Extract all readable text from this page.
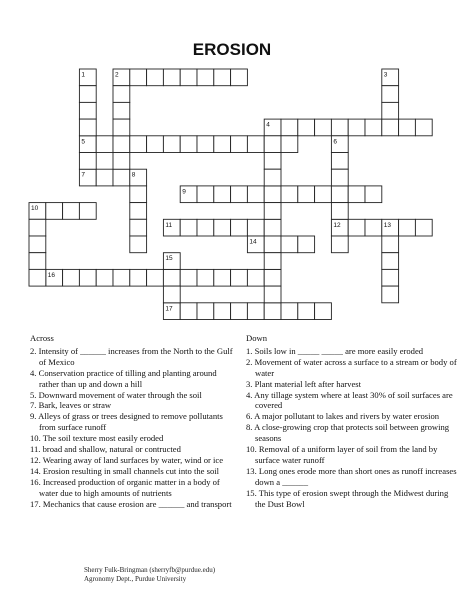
EROSION
1	2	3
4
5	6
7	8
9
10
11	12	13
14
15
16
17
Across
2. Intensity of ______ increases from the North to the Gulf of Mexico
4. Conservation practice of tilling and planting around rather than up and down a hill
5. Downward movement of water through the soil
7. Bark, leaves or straw
9. Alleys of grass or trees designed to remove pollutants from surface runoff
10. The soil texture most easily eroded
11. broad and shallow, natural or contructed
12. Wearing away of land surfaces by water, wind or ice
14. Erosion resulting in small channels cut into the soil
16. Increased production of organic matter in a body of water due to high amounts of nutrients
17. Mechanics that cause erosion are ______ and transport
Down
1. Soils low in _____ _____ are more easily eroded
2. Movement of water across a surface to a stream or body of water
3. Plant material left after harvest
4. Any tillage system where at least 30% of soil surfaces are covered
6. A major pollutant to lakes and rivers by water erosion
8. A close-growing crop that protects soil between growing seasons
10. Removal of a uniform layer of soil from the land by surface water runoff
13. Long ones erode more than short ones as runoff increases down a ______
15. This type of erosion swept through the Midwest during the Dust Bowl
Sherry Fulk-Bringman (sherryfb@purdue.edu)
Agronomy Dept., Purdue University
